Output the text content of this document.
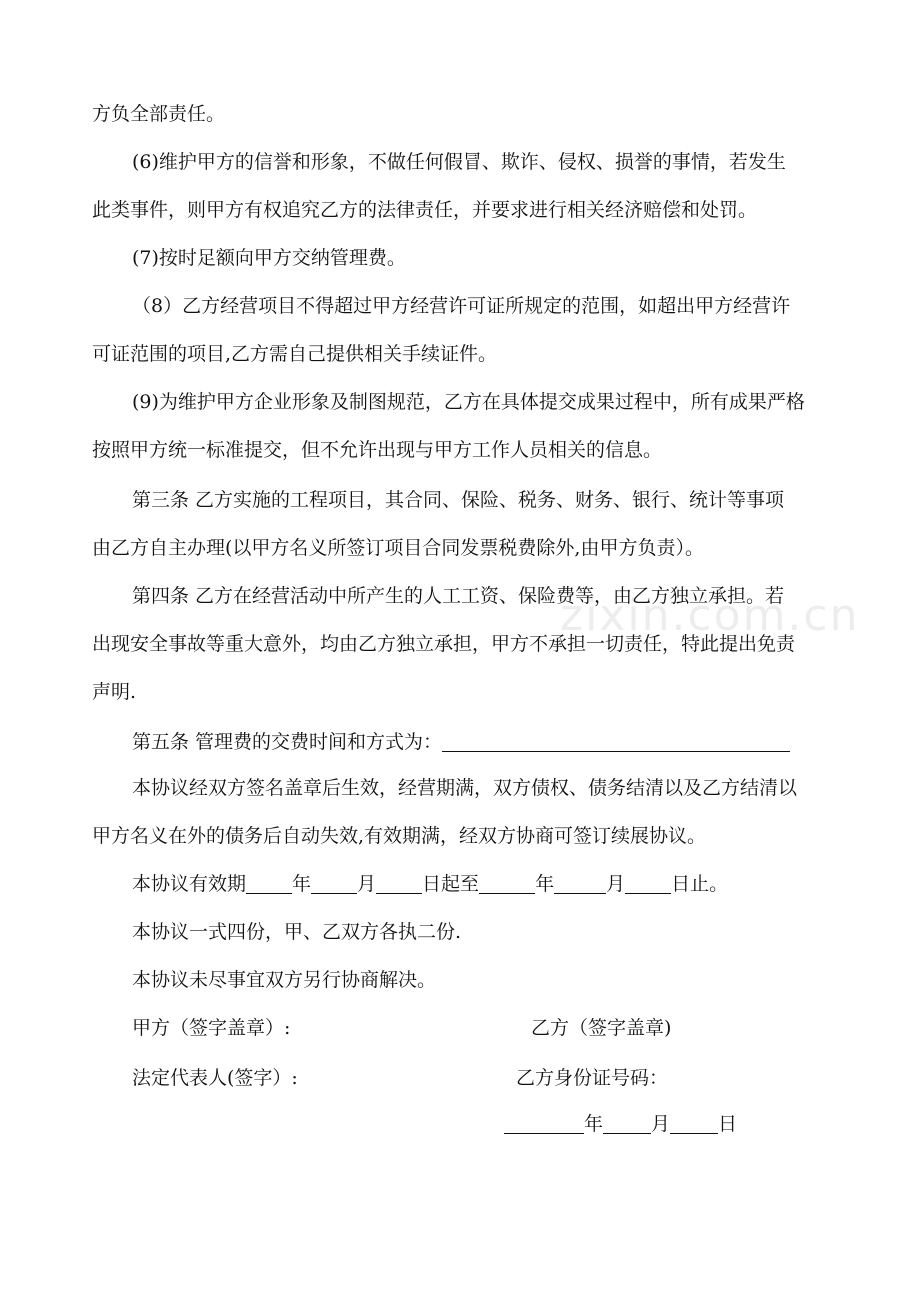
zixin.com.cn
方负全部责任。
(6)维护甲方的信誉和形象，不做任何假冒、欺诈、侵权、损誉的事情，若发生
此类事件，则甲方有权追究乙方的法律责任，并要求进行相关经济赔偿和处罚。
(7)按时足额向甲方交纳管理费。
（8）乙方经营项目不得超过甲方经营许可证所规定的范围，如超出甲方经营许
可证范围的项目,乙方需自己提供相关手续证件。
(9)为维护甲方企业形象及制图规范，乙方在具体提交成果过程中，所有成果严格
按照甲方统一标准提交，但不允许出现与甲方工作人员相关的信息。
第三条 乙方实施的工程项目，其合同、保险、税务、财务、银行、统计等事项
由乙方自主办理(以甲方名义所签订项目合同发票税费除外,由甲方负责）。
第四条 乙方在经营活动中所产生的人工工资、保险费等，由乙方独立承担。若
出现安全事故等重大意外，均由乙方独立承担，甲方不承担一切责任，特此提出免责
声明.
第五条 管理费的交费时间和方式为：
本协议经双方签名盖章后生效，经营期满，双方债权、债务结清以及乙方结清以
甲方名义在外的债务后自动失效,有效期满，经双方协商可签订续展协议。
本协议有效期 年 月 日起至	年	月 日止。
本协议一式四份，甲、乙双方各执二份.
本协议未尽事宜双方另行协商解决。
甲方（签字盖章）:	乙方（签字盖章)
法定代表人(签字）:	乙方身份证号码：
年	月	日
